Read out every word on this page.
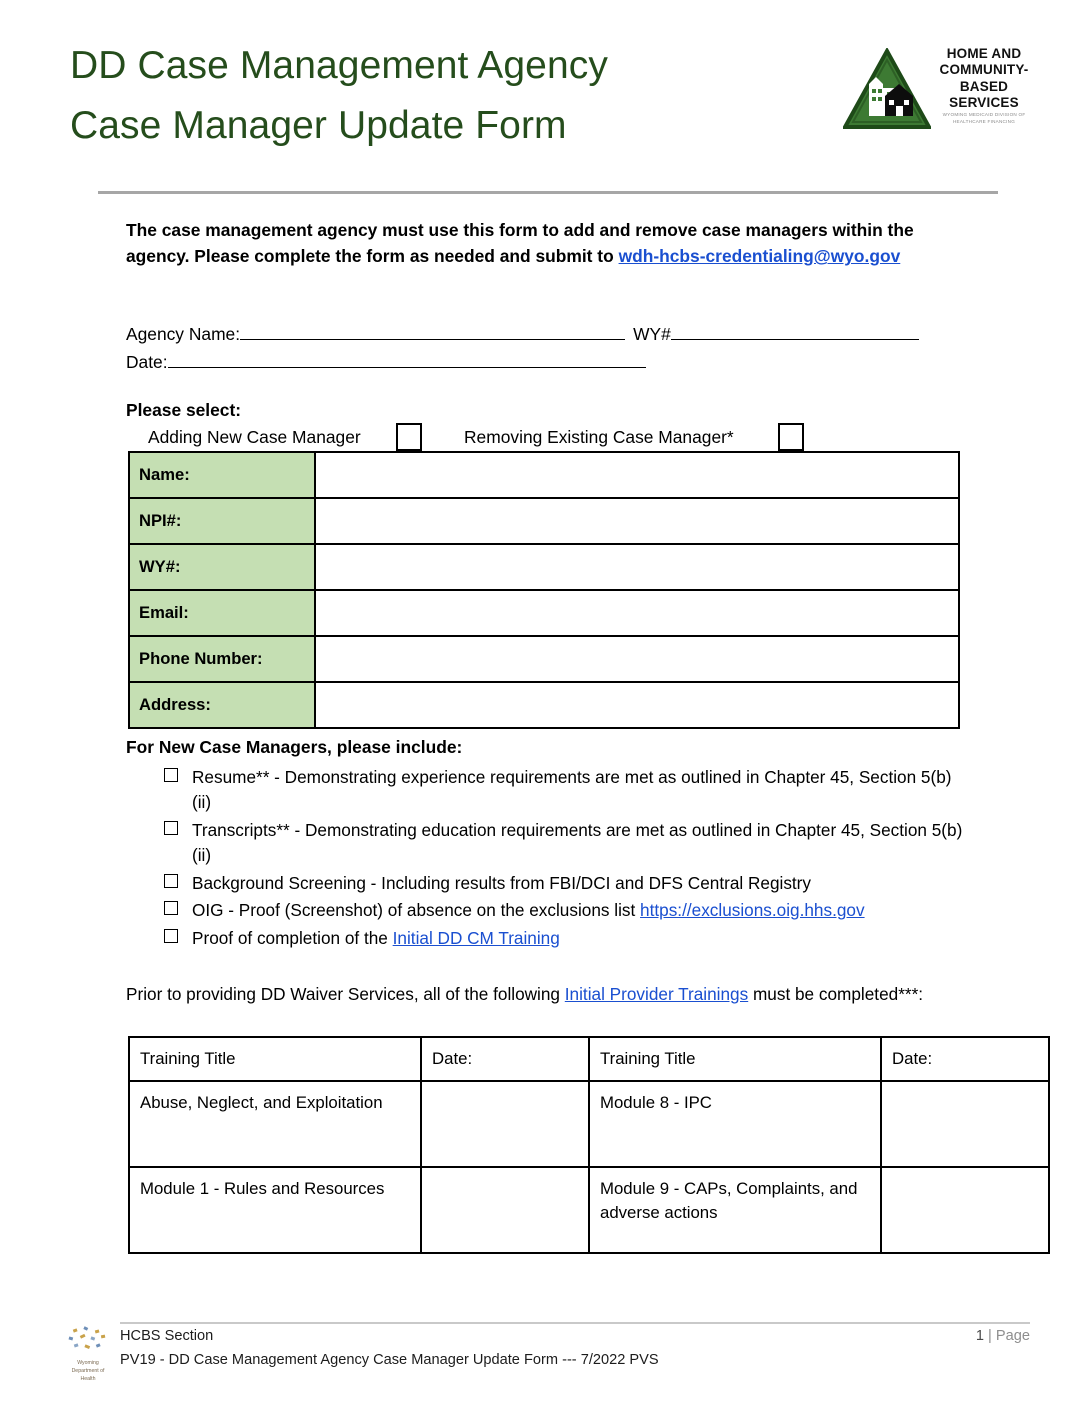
DD Case Management Agency
Case Manager Update Form
HOME AND COMMUNITY-BASED SERVICES
WYOMING MEDICAID DIVISION OF HEALTHCARE FINANCING
The case management agency must use this form to add and remove case managers within the agency. Please complete the form as needed and submit to wdh-hcbs-credentialing@wyo.gov
Agency Name:	WY#
Date:
Please select:
Adding New Case Manager	Removing Existing Case Manager*
Name:	
NPI#:	
WY#:	
Email:	
Phone Number:	
Address:	
For New Case Managers, please include:
Resume** - Demonstrating experience requirements are met as outlined in Chapter 45, Section 5(b)(ii)
Transcripts** - Demonstrating education requirements are met as outlined in Chapter 45, Section 5(b)(ii)
Background Screening - Including results from FBI/DCI and DFS Central Registry
OIG - Proof (Screenshot) of absence on the exclusions list https://exclusions.oig.hhs.gov
Proof of completion of the Initial DD CM Training
Prior to providing DD Waiver Services, all of the following Initial Provider Trainings must be completed***:
Training Title	Date:	Training Title	Date:
Abuse, Neglect, and Exploitation		Module 8 - IPC	
Module 1 - Rules and Resources		Module 9 - CAPs, Complaints, and adverse actions	
Wyoming Department of Health
HCBS Section
PV19 - DD Case Management Agency Case Manager Update Form --- 7/2022 PVS
1 | Page
